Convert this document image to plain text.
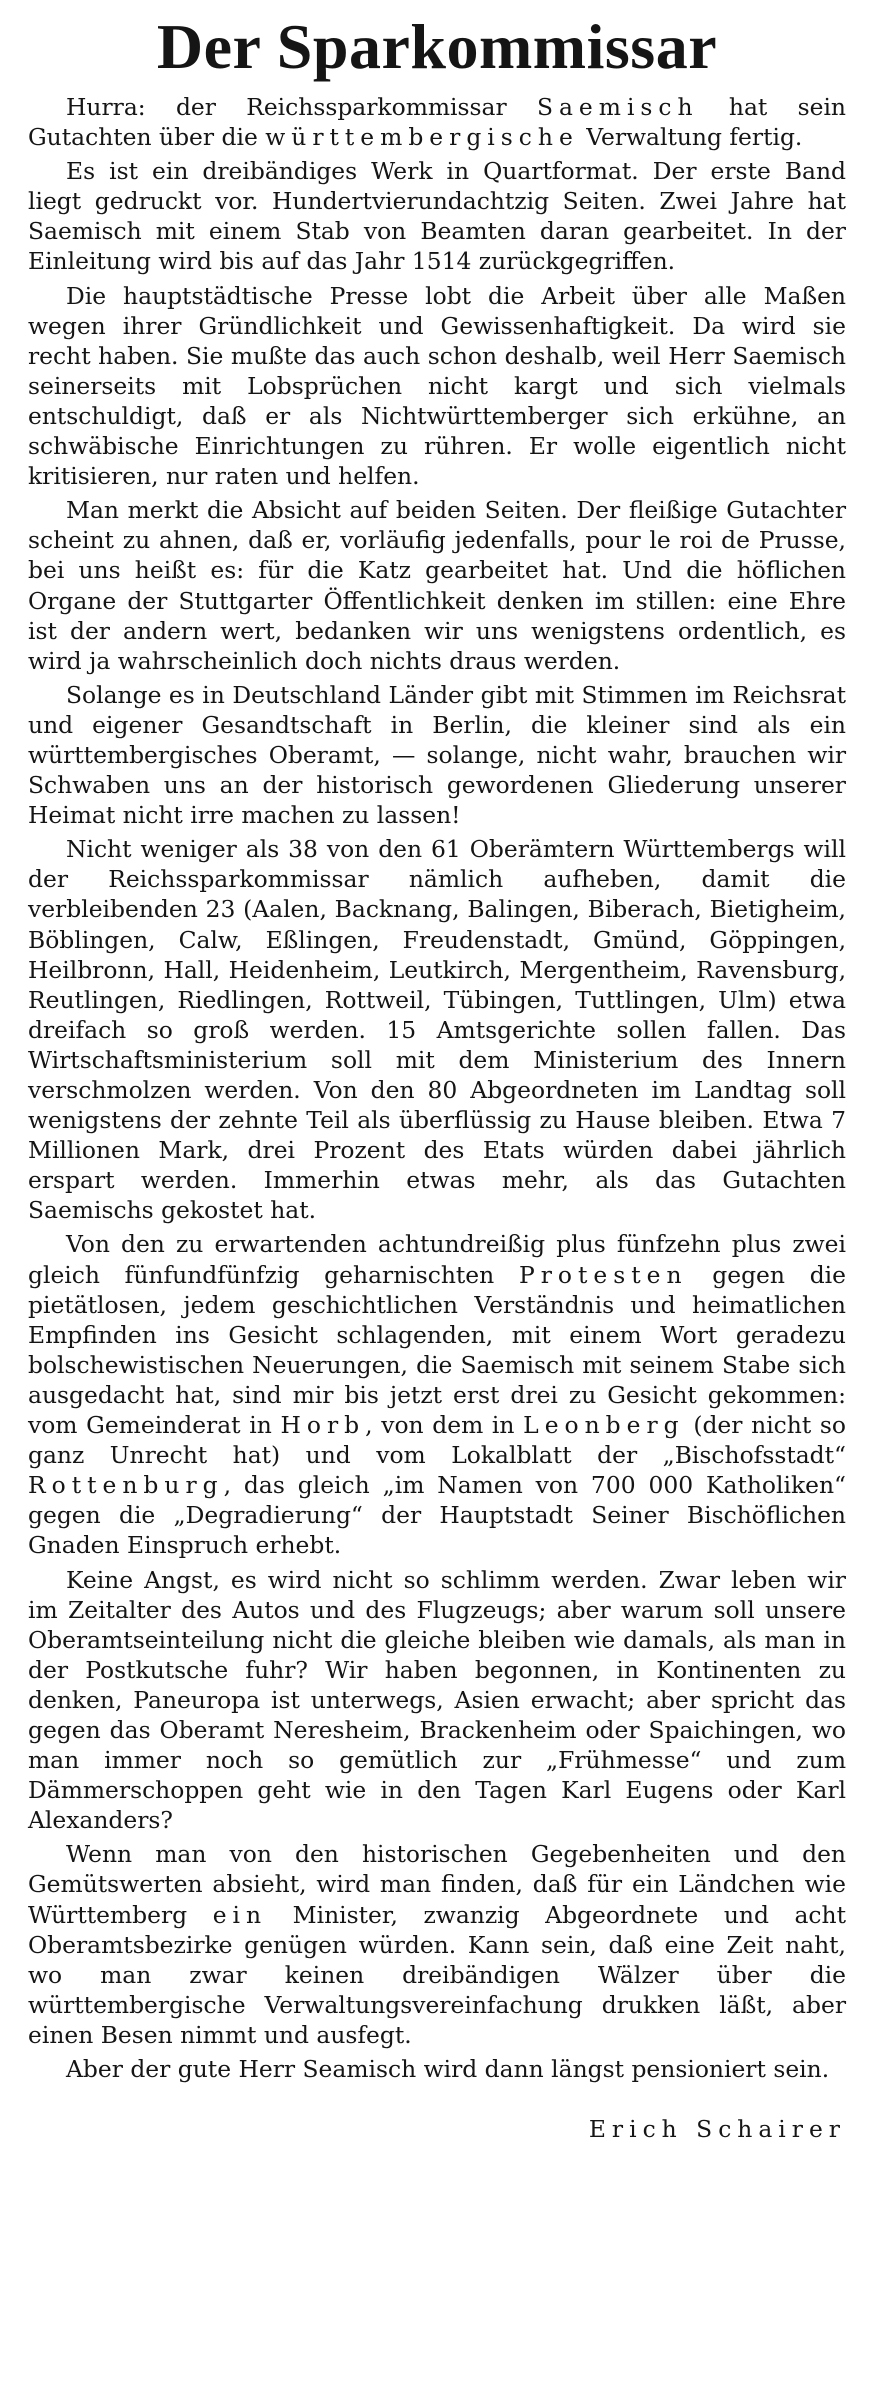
Der Sparkommissar

Hurra: der Reichssparkommissar Saemisch hat sein Gutachten über die württembergische Verwaltung fertig.

Es ist ein dreibändiges Werk in Quartformat. Der erste Band liegt gedruckt vor. Hundertvierundachtzig Seiten. Zwei Jahre hat Saemisch mit einem Stab von Beamten daran gearbeitet. In der Einleitung wird bis auf das Jahr 1514 zurückgegriffen.

Die hauptstädtische Presse lobt die Arbeit über alle Maßen wegen ihrer Gründlichkeit und Gewissenhaftigkeit. Da wird sie recht haben. Sie mußte das auch schon deshalb, weil Herr Saemisch seinerseits mit Lobsprüchen nicht kargt und sich vielmals entschuldigt, daß er als Nichtwürttemberger sich erkühne, an schwäbische Einrichtungen zu rühren. Er wolle eigentlich nicht kritisieren, nur raten und helfen.

Man merkt die Absicht auf beiden Seiten. Der fleißige Gutachter scheint zu ahnen, daß er, vorläufig jedenfalls, pour le roi de Prusse, bei uns heißt es: für die Katz gearbeitet hat. Und die höflichen Organe der Stuttgarter Öffentlichkeit denken im stillen: eine Ehre ist der andern wert, bedanken wir uns wenigstens ordentlich, es wird ja wahrscheinlich doch nichts draus werden.

Solange es in Deutschland Länder gibt mit Stimmen im Reichsrat und eigener Gesandtschaft in Berlin, die kleiner sind als ein württembergisches Oberamt, — solange, nicht wahr, brauchen wir Schwaben uns an der historisch gewordenen Gliederung unserer Heimat nicht irre machen zu lassen!

Nicht weniger als 38 von den 61 Oberämtern Württembergs will der Reichssparkommissar nämlich aufheben, damit die verbleibenden 23 (Aalen, Backnang, Balingen, Biberach, Bietigheim, Böblingen, Calw, Eßlingen, Freudenstadt, Gmünd, Göppingen, Heilbronn, Hall, Heidenheim, Leutkirch, Mergentheim, Ravensburg, Reutlingen, Riedlingen, Rottweil, Tübingen, Tuttlingen, Ulm) etwa dreifach so groß werden. 15 Amtsgerichte sollen fallen. Das Wirtschaftsministerium soll mit dem Ministerium des Innern verschmolzen werden. Von den 80 Abgeordneten im Landtag soll wenigstens der zehnte Teil als überflüssig zu Hause bleiben. Etwa 7 Millionen Mark, drei Prozent des Etats würden dabei jährlich erspart werden. Immerhin etwas mehr, als das Gutachten Saemischs gekostet hat.

Von den zu erwartenden achtundreißig plus fünfzehn plus zwei gleich fünfundfünfzig geharnischten Protesten gegen die pietätlosen, jedem geschichtlichen Verständnis und heimatlichen Empfinden ins Gesicht schlagenden, mit einem Wort geradezu bolschewistischen Neuerungen, die Saemisch mit seinem Stabe sich ausgedacht hat, sind mir bis jetzt erst drei zu Gesicht gekommen: vom Gemeinderat in Horb, von dem in Leonberg (der nicht so ganz Unrecht hat) und vom Lokalblatt der „Bischofsstadt“ Rottenburg, das gleich „im Namen von 700 000 Katholiken“ gegen die „Degradierung“ der Hauptstadt Seiner Bischöflichen Gnaden Einspruch erhebt.

Keine Angst, es wird nicht so schlimm werden. Zwar leben wir im Zeitalter des Autos und des Flugzeugs; aber warum soll unsere Oberamtseinteilung nicht die gleiche bleiben wie damals, als man in der Postkutsche fuhr? Wir haben begonnen, in Kontinenten zu denken, Paneuropa ist unterwegs, Asien erwacht; aber spricht das gegen das Oberamt Neresheim, Brackenheim oder Spaichingen, wo man immer noch so gemütlich zur „Frühmesse“ und zum Dämmerschoppen geht wie in den Tagen Karl Eugens oder Karl Alexanders?

Wenn man von den historischen Gegebenheiten und den Gemütswerten absieht, wird man finden, daß für ein Ländchen wie Württemberg ein Minister, zwanzig Abgeordnete und acht Oberamtsbezirke genügen würden. Kann sein, daß eine Zeit naht, wo man zwar keinen dreibändigen Wälzer über die württembergische Verwaltungsvereinfachung drukken läßt, aber einen Besen nimmt und ausfegt.

Aber der gute Herr Seamisch wird dann längst pensioniert sein.
Erich Schairer
